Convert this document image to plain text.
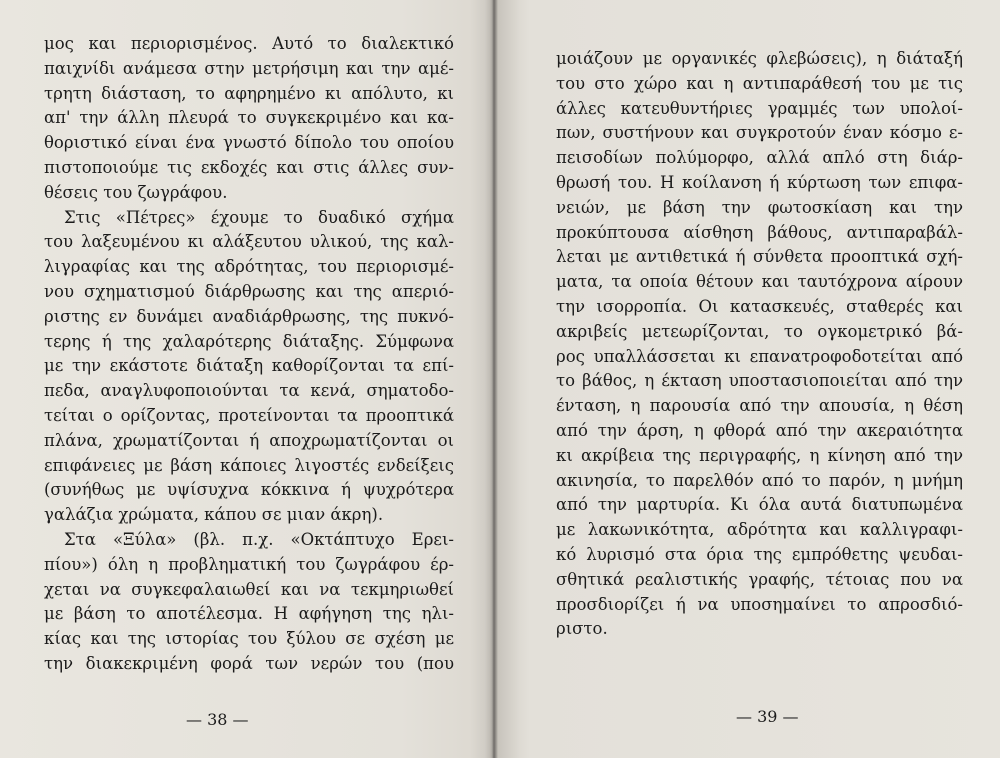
μος και περιορισμένος. Αυτό το διαλεκτικό
παιχνίδι ανάμεσα στην μετρήσιμη και την αμέ-
τρητη διάσταση, το αφηρημένο κι απόλυτο, κι
απ' την άλλη πλευρά το συγκεκριμένο και κα-
θοριστικό είναι ένα γνωστό δίπολο του οποίου
πιστοποιούμε τις εκδοχές και στις άλλες συν-
θέσεις του ζωγράφου.
Στις «Πέτρες» έχουμε το δυαδικό σχήμα
του λαξευμένου κι αλάξευτου υλικού, της καλ-
λιγραφίας και της αδρότητας, του περιορισμέ-
νου σχηματισμού διάρθρωσης και της απεριό-
ριστης εν δυνάμει αναδιάρθρωσης, της πυκνό-
τερης ή της χαλαρότερης διάταξης. Σύμφωνα
με την εκάστοτε διάταξη καθορίζονται τα επί-
πεδα, αναγλυφοποιούνται τα κενά, σηματοδο-
τείται ο ορίζοντας, προτείνονται τα προοπτικά
πλάνα, χρωματίζονται ή αποχρωματίζονται οι
επιφάνειες με βάση κάποιες λιγοστές ενδείξεις
(συνήθως με υψίσυχνα κόκκινα ή ψυχρότερα
γαλάζια χρώματα, κάπου σε μιαν άκρη).
Στα «Ξύλα» (βλ. π.χ. «Οκτάπτυχο Ερει-
πίου») όλη η προβληματική του ζωγράφου έρ-
χεται να συγκεφαλαιωθεί και να τεκμηριωθεί
με βάση το αποτέλεσμα. Η αφήγηση της ηλι-
κίας και της ιστορίας του ξύλου σε σχέση με
την διακεκριμένη φορά των νερών του (που
— 38 —
μοιάζουν με οργανικές φλεβώσεις), η διάταξή
του στο χώρο και η αντιπαράθεσή του με τις
άλλες κατευθυντήριες γραμμές των υπολοί-
πων, συστήνουν και συγκροτούν έναν κόσμο ε-
πεισοδίων πολύμορφο, αλλά απλό στη διάρ-
θρωσή του. Η κοίλανση ή κύρτωση των επιφα-
νειών, με βάση την φωτοσκίαση και την
προκύπτουσα αίσθηση βάθους, αντιπαραβάλ-
λεται με αντιθετικά ή σύνθετα προοπτικά σχή-
ματα, τα οποία θέτουν και ταυτόχρονα αίρουν
την ισορροπία. Οι κατασκευές, σταθερές και
ακριβείς μετεωρίζονται, το ογκομετρικό βά-
ρος υπαλλάσσεται κι επανατροφοδοτείται από
το βάθος, η έκταση υποστασιοποιείται από την
ένταση, η παρουσία από την απουσία, η θέση
από την άρση, η φθορά από την ακεραιότητα
κι ακρίβεια της περιγραφής, η κίνηση από την
ακινησία, το παρελθόν από το παρόν, η μνήμη
από την μαρτυρία. Κι όλα αυτά διατυπωμένα
με λακωνικότητα, αδρότητα και καλλιγραφι-
κό λυρισμό στα όρια της εμπρόθετης ψευδαι-
σθητικά ρεαλιστικής γραφής, τέτοιας που να
προσδιορίζει ή να υποσημαίνει το απροσδιό-
ριστο.
— 39 —
